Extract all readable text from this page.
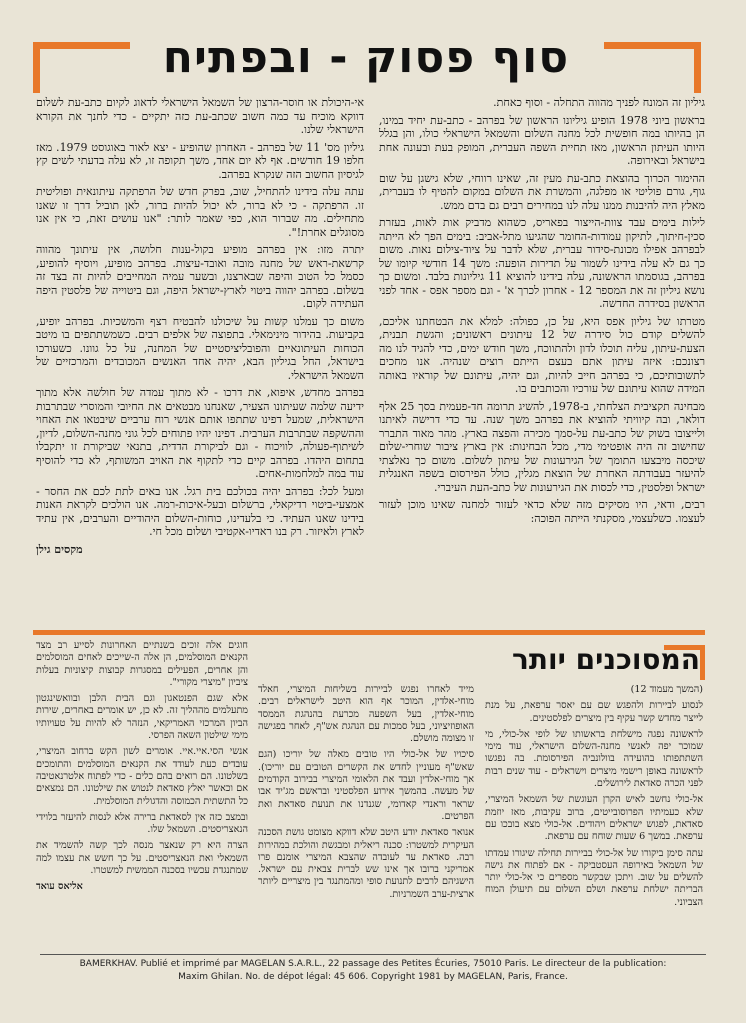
סוף פסוק - ובפתיח

גיליון זה המונח לפניך מהווה התחלה - וסוף כאחת.

בראשון ביוני 1978 הופיע גיליונו הראשון של בפרהב - כתב-עת יחיד במינו, הן בהיותו במה חופשית לכל מחנה השלום והשמאל הישראלי כולו, והן בגלל היותו העיתון הראשון, מאז תחיית השפה העברית, המופק בעת ובעונה אחת בישראל ובאירופה.

ההימור הכרוך בהוצאת כתב-עת מעין זה, שאינו רווחי, שלא גישגן על שום גוף, גורם פוליטי או מפלגה, והמשרת את השלום במקום להטיף לו בעברית, מאלץ היה להיבנות ממנו עלה לנו במחירים רבים גם בדם ממש.

לילות בימים עבד צוות-הייצור בפאריס, כשהוא מדביק אות לאות, בעזרת סכין-חיתוך, לתיקון עמודות-החומר שהגיעו מתל-אביב: בימים הפך לא הייתה לבפרהב אפילו מכונת-סידור עברית, שלא לדבר על ציוד-צילום נאות. משום כך גם לא עלה בידינו לשמור על תדירות הופעה: משך 14 חודשי קיומו של בפרהב, בגוסמתו הראשונה, עלה בידינו להוציא 11 גיליונות בלבד. ומשום כך נושא גיליון זה את המספר 12 - אחרון לכרך א' - וגם מספר אפס - אחד לפני הראשון בסידרה החדשה.

מטרתו של גיליון אפס היא, על כן, כפולה: למלא את הבטחתנו אליכם, להשלים קודם כול סידרה של 12 עיתונים ראשונים; והגשת תבנית, הצעת-עיתון, עליה תוכלו לדון ולהתווכח, משך חודש ימים, כדי להגיד לנו מה רצונכם: איזה עיתון אתם בעצם הייתם רוצים שנהיה. אנו מחכים לתשובותיכם, כי בפרהב חייב להיות, וגם יהיה, עיתונם של קוראיו באותה המידה שהוא עיתונם של עורכיו והכותבים בו.

מבחינה תקציבית הצלחתי, ב-1978, להשיג תרומה חד-פעמית בסך 25 אלף דולאר, ובה קיוויתי להוציא את בפרהב משך שנה. עד כדי דרישה לאיתנו ולייצובו בשוק של כתב-עת על-סמך מכירה והפצה בארץ. מהר מאוד התברר שחישוב זה היה אופטימי מדי, מכל הבחינות: אין בארץ ציבור שוחרי-שלום שיכסה מיבצעו התומך של הגירעונות של עיתון לשלום. משום כך נאלצתי להיעזר בעבודתה האחרת של הוצאת מגלין, כולל הפירסום בשפה האנגלית ישראל ופלסטין, כדי לכסות את הגירעונות של כתב-העת העיברי.

רבים, ודאי, היו מסיקים מזה שלא כדאי לעזור למחנה שאינו מוכן לעזור לעצמו. כשלעצמי, מסקנתי הייתה הפוכה:

אי-היכולת או חוסר-הרצון של השמאל הישראלי לדאוג לקיום כתב-עת לשלום דווקא מוכיח עד כמה חשוב שכתב-עת כזה יתקיים - כדי לחנך את הקורא הישראלי שלנו.

גיליון מס' 11 של בפרהב - האחרון שהופיע - יצא לאור באוגוסט 1979. מאז חלפו 19 חודשים. אף לא יום אחד, משך תקופה זו, לא עלה בדעתי לשים קץ לגיסיון החשוב הזה שנקרא בפרהב.

עתה עלה בידינו להתחיל, שוב, בפרק חדש של הרפתקה עיתונאית ופוליטית זו. הרפתקה - כי לא ברור, לא יכול להיות ברור, לאן תוביל דרך זו שאנו מתחילים. מה שברור הוא, כפי שאמר לותר: "אנו עושים זאת, כי אין אנו מסוגלים אחרת!".

יתרה מזו: אין בפרהב מופיע בקול-ענות חלושה, אין עיתונך מהווה קרשאת-ראש של מחנה מובה ואובד-עיצות. בפרהב מופיע, ויוסיף להופיע, כסמל כל הטוב והיפה שבארצנו, ובשער עמיה המחייבים להיות זה בצד זה בשלום. בפרהב יהווה ביטוי לארץ-ישראל היפה, וגם ביטוייה של פלסטין היפה העתידה לקום.

משום כך עמלנו קשות על שיכולנו להבטיח רצף והמשכיות. בפרהב יופיע, בקביעות. בהידור מינימאלי. בתפוצה של אלפים רבים. כשמשתתפים בו מיטב הכוחות העיתונאיים והפובליציסטיים של המחנה, על כל גוונו. כשעורכו בישראל, החל בגיליון הבא, יהיה אחד האנשים המכובדים והמרכזיים של השמאל הישראלי.

בפרהב מחדש, איפוא, את דרכו - לא מתוך עמדה של חולשה אלא מתוך ידיעה שלמה שעיתונו הצעיר, שאנחנו מבטאים את החיובי והמוסרי שבתרבות הישראלית, שמעל דפינו שתתפו אותם אנשי רוח ערביים שיבטאו את האחוי וההשקפה שבתרבות הערבית. דפינו יהיו פתוחים לכל גוני מחנה-השלום, לדיון, לשיתוף-פעולה, לוויכוח - וגם לביקורת הדדית, בתנאי שביקורת זו יתקבלו בתחום היהדו. בפרהב קיים כדי לתקוף את האויב המשותף, לא כדי להוסיף עוד במה למלחמות-אחים.

ומעל לכל: בפרהב יהיה בכולכם בית רגל. אנו באים לתת לכם את החסר - אמצעי-ביטוי רדיקאלי, ברשלום ובעל-איכות-רמה. אנו הולכים לקראת האנות בידינו שאנו העתיד. כי בלעדינו, כוחות-השלום היהודיים והערבים, אין עתיד לארץ ולאיזור. רק בנו ראדיו-אקטיבי ושלום מכל חי.

מקסים גילן
המסוכנים יותר

(המשך מעמוד 12)

לנסוע לביירות ולהפגש שם עם יאסר ערפאת, על מנת לייצר מחדש קשר עקיף בין מיצרים לפלסטינים.

לראשונה נפגה מישלחת בראשותו של לופי אל-כולי, מי שמוכר יפה לאנשי מחנה-השלום הישראלי, עוד מימי השתתפותו בהועידה בוולונביה הפירסומת. בה נפגשו לראשונה באופן רישמי מיצרים וישראלים - עוד שנים רבות לפני הכרה סאדאת לירושלים.

אל-כולי נחשב לאיש הקרן העוגשת של השמאל המיצרי, שלא כעמיתיו הפרוסובייטים, ברוב עקיבות, מאז יוזמת סאדאת, לפגוש ישראלים ויהודים. אל-כולי מצא בובכו עם ערפאת. במשך 6 שעות שוחח עם ערפאת.

עתה סימן ביקורו של אל-כולי בביירות תחילה שיגורו עמדתו של השמאל באירופה העסטביקה - אם לפתוח את גישה להשלים על שוב. ויתכן שבקשר מספרים כי אל-כולי יותר הבריתה ישלחת ערפאת ושלם השלום עם תיעולן המוח הצביוני.

מייד לאחרו נפגש לביירות בשליחות המיצרי, חאלד מוחי-אלדין, המוכר אף הוא היטב לישראלים רבים. מוחי-אלדין, בעל השפעה מכרעת בהנהגת הממסד האופוזיציוני, בעל סמכות עם הנהגת אש"ף, לאחר בפגישה זו מצומה מושלם.

סיכויו של אל-כולי היו טובים מאלה של יוריכו (הגם שאש"ף מעוניין לחדש את הקשרים הטובים עם יוריכו). אך מוחי-אלדין ועבד את הלאומי המיצרי בבירוב הקודמים של מעשה. בהמשך אירוע הפלסטיני ובראשם מג'יד אבו שראר וראנדי קאדומי, שגנדנו את תנועת סאדאת ואת הפרטים.

אנואר סאדאת יודע היטב שלא דווקא מצומט גושת הסכנה העיקרית למשטרו: סכנה ריאלית ומבגשת והולכת במהירות רבה. סאדאת עד לעובדה שהצבא המיצרי אומנם פרו אמריקני ברובו אך אינו שש לברית צבאית עם ישראל. הישגיהם לרבים לתנועת סופי ומהמתנגד בין מיצריים ליותר ארצית-ערב השמרניות.

חוגים אלה זוכים בשנתיים האחרונות לסייע רב מצד הקנאים המוסלמים, הן אלה ה-שייכים לאחים המוסלמים והן אחרים, הפעילים במסגרות קבוצות קיצוניות בעלות ציביון "מיצרי מקורי".

אלא שגם הפנטאגון וגם הבית הלבן ובוואשינגטון מתעלמים מההליך זה. לא כן, יש אומרים באחרים, שירות הביון המרכזי האמריקאי, הנזהר לא להיות על טעויותיו מימי שילטון השאה הפרסי.

אנשי הסי.איי.איי. אומרים לשון הקש ברחוב המיצרי, עובדים כעת לעודד את הקנאים המוסלמים והתומכים בשלטונו. הם רואים בהם כלים - כדי לפתוח אלטרנאטיבה אם וכאשר יאלץ סאדאת לנטוש את שילטונו. הם נמצאים כל התשתית הכמוסה והדגולית המוסלמית.

ובמצב כזה אין לסאדאת ברירה אלא לנסות להיעזר בלוידי הנאצריסטים. השמאל שלו.

הצרה היא רק שנאצר מנסה לכך קשה להשמיד את השמאלי ואת הנאצריסטים. על כך חשש את עצמו למה שמתנגדת עכשיו בסכנה הממשית למשטרו.

אליאס עואד
BAMERKHAV. Publié et imprimé par MAGELAN S.A.R.L., 22 passage des Petites Écuries, 75010 Paris. Le directeur de la publication:
Maxim Ghilan. No. de dépot légal: 45 606. Copyright 1981 by MAGELAN, Paris, France.
